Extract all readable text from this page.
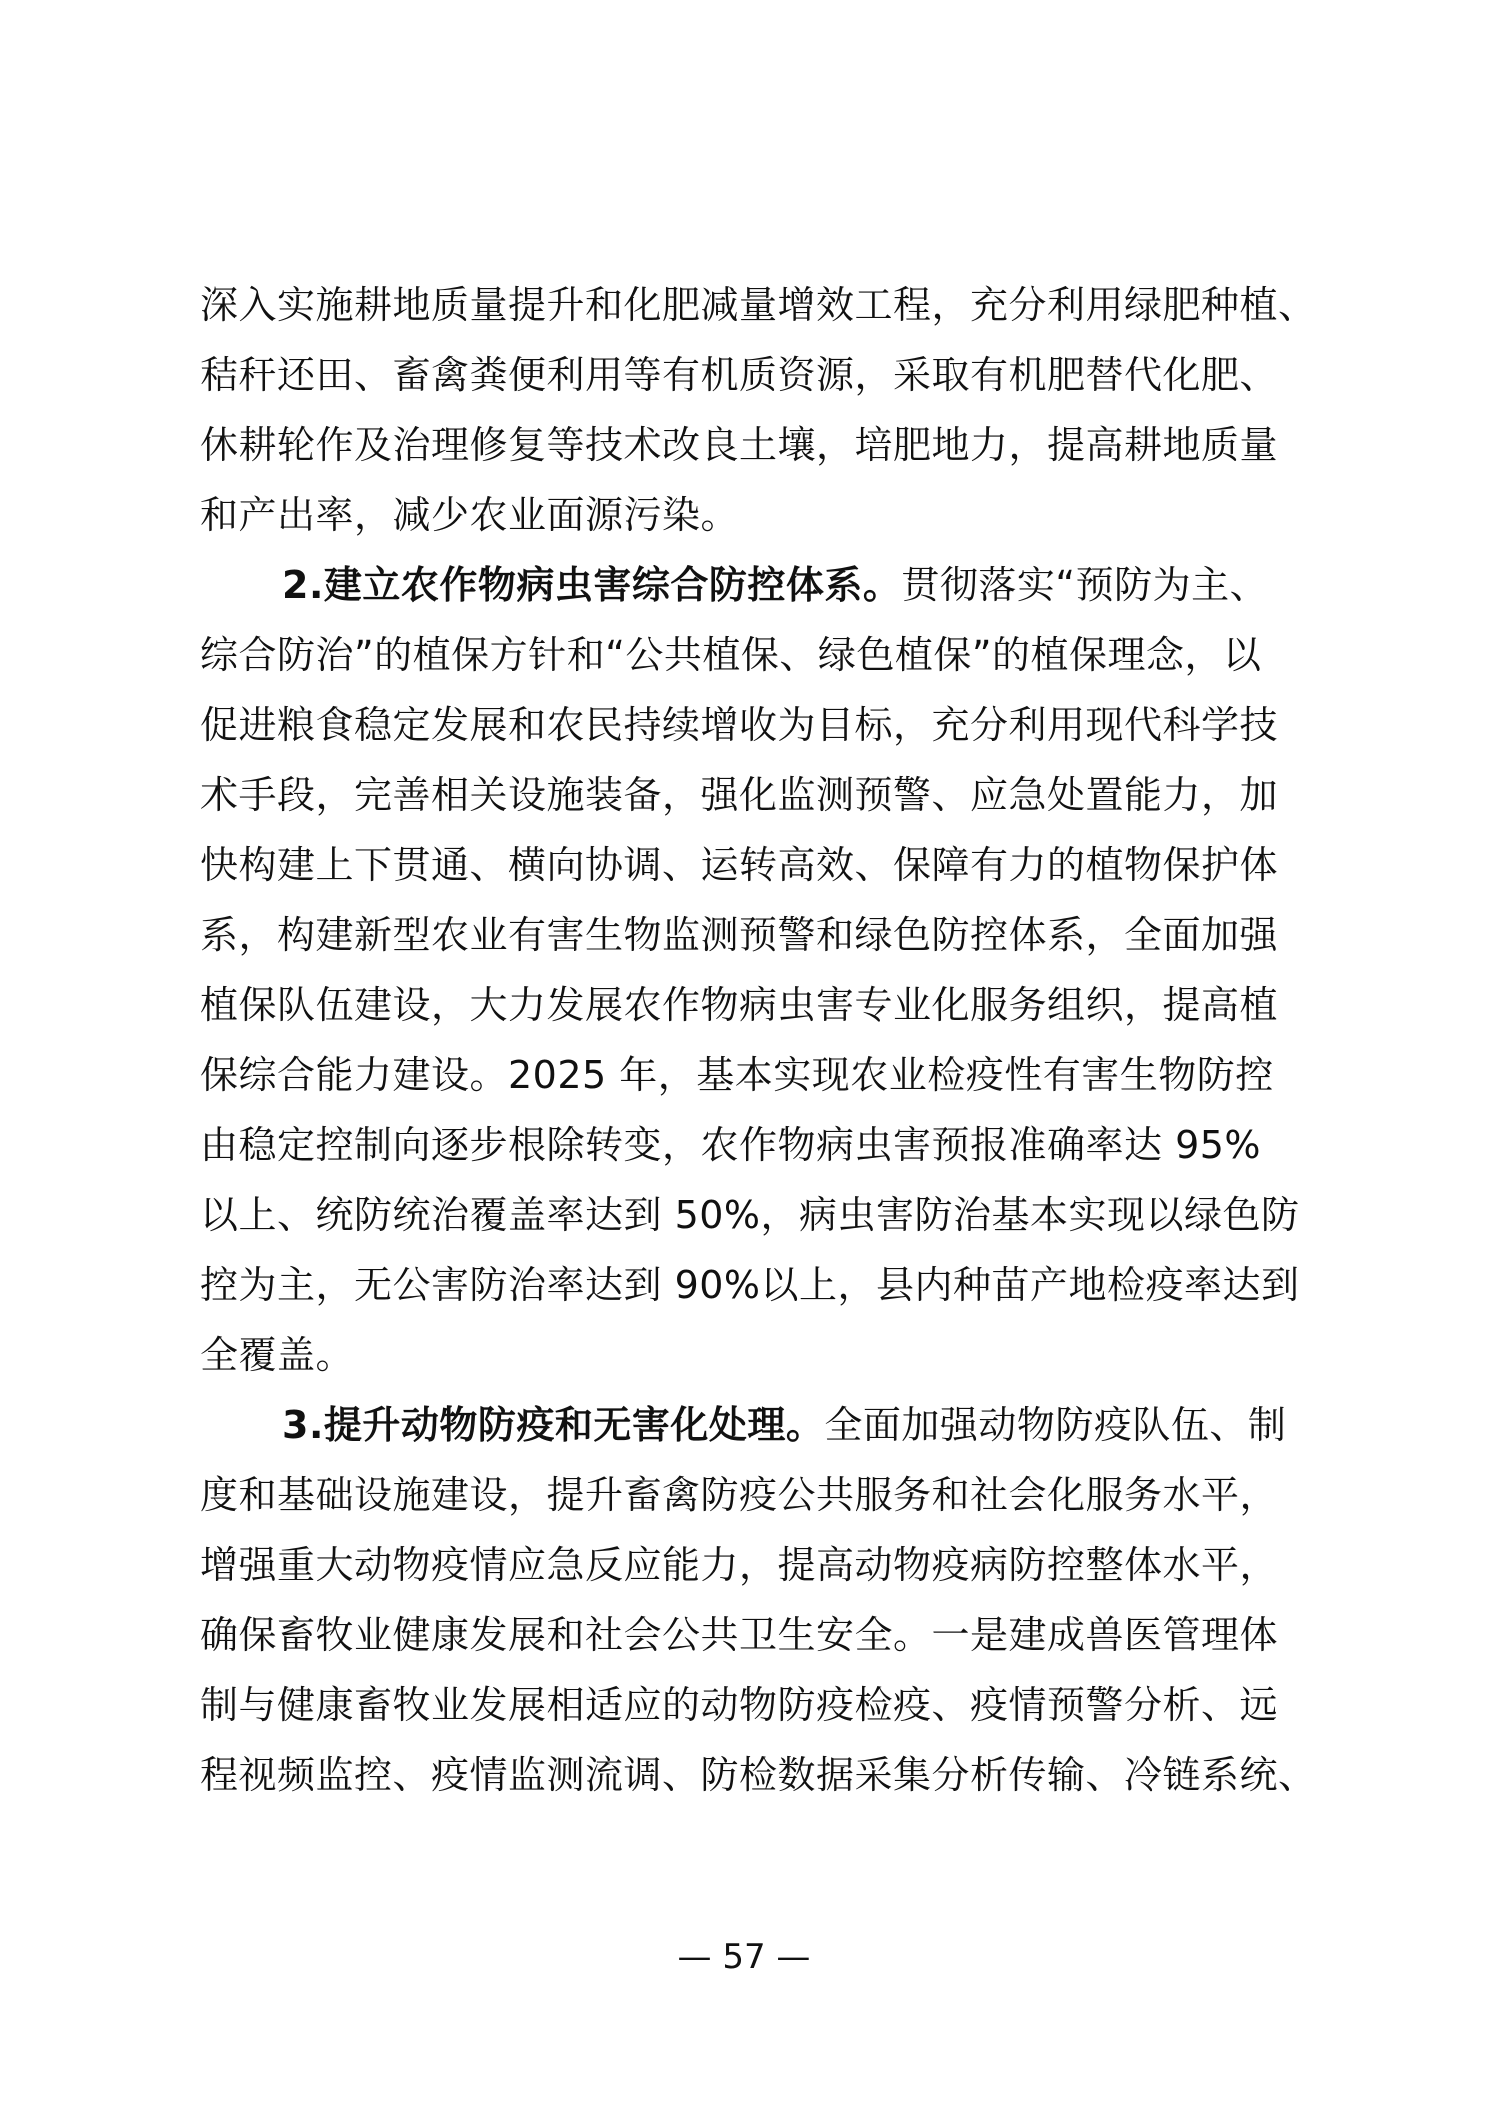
深入实施耕地质量提升和化肥减量增效工程，充分利用绿肥种植、
秸秆还田、畜禽粪便利用等有机质资源，采取有机肥替代化肥、
休耕轮作及治理修复等技术改良土壤，培肥地力，提高耕地质量
和产出率，减少农业面源污染。
2.建立农作物病虫害综合防控体系。贯彻落实“预防为主、
综合防治”的植保方针和“公共植保、绿色植保”的植保理念，以
促进粮食稳定发展和农民持续增收为目标，充分利用现代科学技
术手段，完善相关设施装备，强化监测预警、应急处置能力，加
快构建上下贯通、横向协调、运转高效、保障有力的植物保护体
系，构建新型农业有害生物监测预警和绿色防控体系，全面加强
植保队伍建设，大力发展农作物病虫害专业化服务组织，提高植
保综合能力建设。2025 年，基本实现农业检疫性有害生物防控
由稳定控制向逐步根除转变，农作物病虫害预报准确率达 95%
以上、统防统治覆盖率达到 50%，病虫害防治基本实现以绿色防
控为主，无公害防治率达到 90%以上，县内种苗产地检疫率达到
全覆盖。
3.提升动物防疫和无害化处理。全面加强动物防疫队伍、制
度和基础设施建设，提升畜禽防疫公共服务和社会化服务水平，
增强重大动物疫情应急反应能力，提高动物疫病防控整体水平，
确保畜牧业健康发展和社会公共卫生安全。一是建成兽医管理体
制与健康畜牧业发展相适应的动物防疫检疫、疫情预警分析、远
程视频监控、疫情监测流调、防检数据采集分析传输、冷链系统、
— 57 —
